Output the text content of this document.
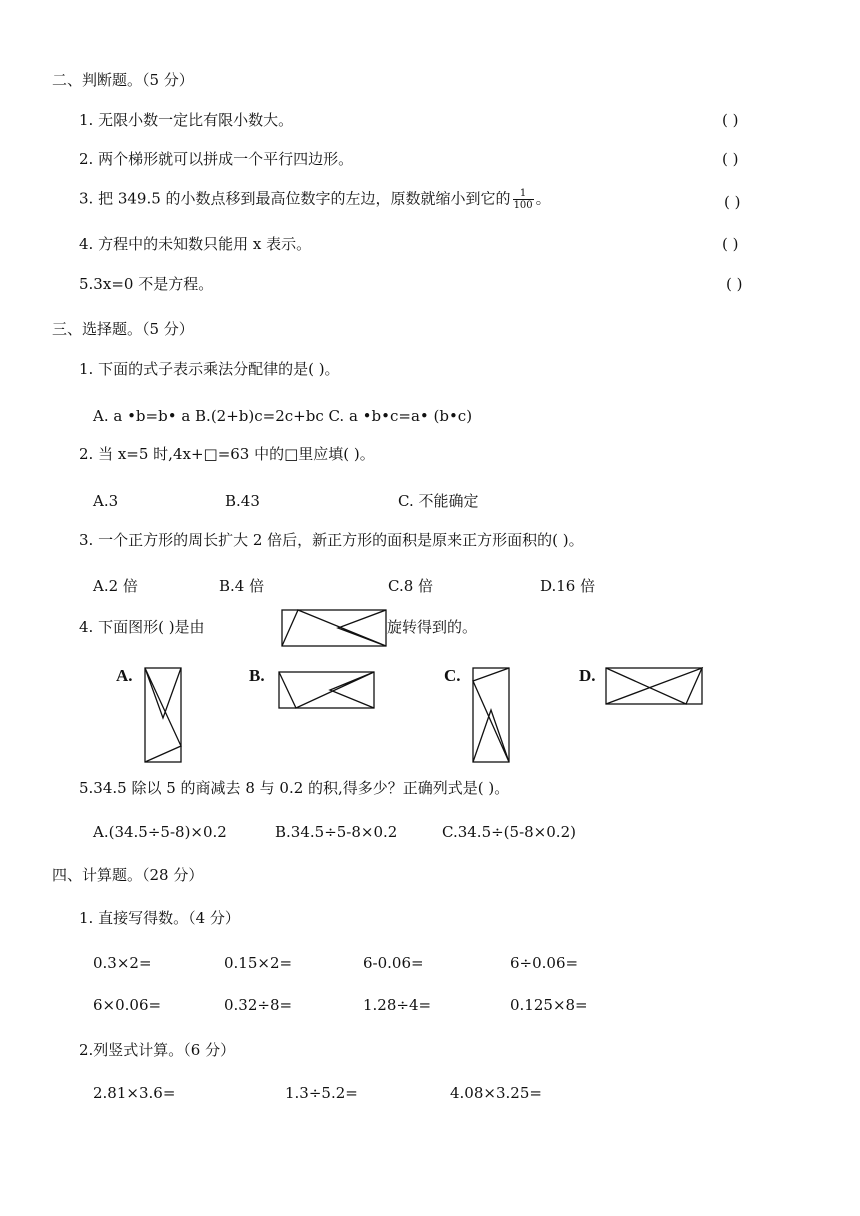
二、判断题。（5 分）
1. 无限小数一定比有限小数大。	( )
2. 两个梯形就可以拼成一个平行四边形。	( )
3. 把 349.5 的小数点移到最高位数字的左边，原数就缩小到它的 $\frac{1}{100}$ 。	( )
4. 方程中的未知数只能用 x 表示。	( )
5.3x=0 不是方程。	( )
三、选择题。（5 分）
1. 下面的式子表示乘法分配律的是( )。
A. a •b=b• a B.(2+b)c=2c+bc C. a •b•c=a• (b•c)
2. 当 x=5 时,4x+□=63 中的□里应填( )。
A.3	B.43	C. 不能确定
3. 一个正方形的周长扩大 2 倍后，新正方形的面积是原来正方形面积的( )。
A.2 倍	B.4 倍	C.8 倍	D.16 倍
4. 下面图形( )是由	旋转得到的。
A.	B.	C.	D.
5.34.5 除以 5 的商减去 8 与 0.2 的积,得多少？正确列式是( )。
A.(34.5÷5-8)×0.2	B.34.5÷5-8×0.2	C.34.5÷(5-8×0.2)
四、计算题。（28 分）
1. 直接写得数。（4 分）
0.3×2=	0.15×2=	6-0.06=	6÷0.06=
6×0.06=	0.32÷8=	1.28÷4=	0.125×8=
2.列竖式计算。（6 分）
2.81×3.6=	1.3÷5.2=	4.08×3.25=
